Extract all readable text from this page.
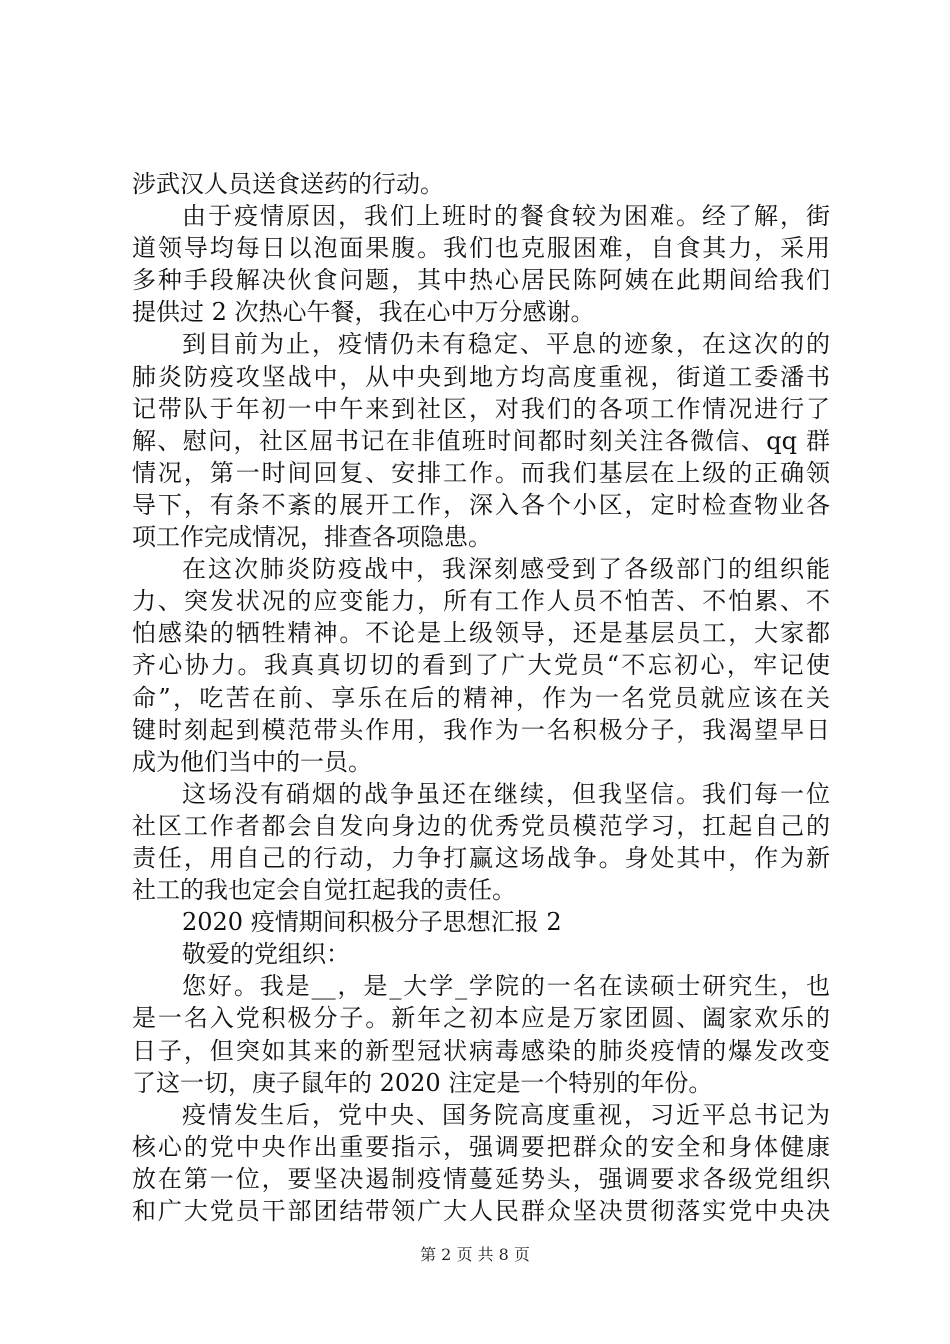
涉武汉人员送食送药的行动。
由于疫情原因，我们上班时的餐食较为困难。经了解，街
道领导均每日以泡面果腹。我们也克服困难，自食其力，采用
多种手段解决伙食问题，其中热心居民陈阿姨在此期间给我们
提供过 2 次热心午餐，我在心中万分感谢。
到目前为止，疫情仍未有稳定、平息的迹象，在这次的的
肺炎防疫攻坚战中，从中央到地方均高度重视，街道工委潘书
记带队于年初一中午来到社区，对我们的各项工作情况进行了
解、慰问，社区屈书记在非值班时间都时刻关注各微信、qq 群
情况，第一时间回复、安排工作。而我们基层在上级的正确领
导下，有条不紊的展开工作，深入各个小区，定时检查物业各
项工作完成情况，排查各项隐患。
在这次肺炎防疫战中，我深刻感受到了各级部门的组织能
力、突发状况的应变能力，所有工作人员不怕苦、不怕累、不
怕感染的牺牲精神。不论是上级领导，还是基层员工，大家都
齐心协力。我真真切切的看到了广大党员“不忘初心，牢记使
命”，吃苦在前、享乐在后的精神，作为一名党员就应该在关
键时刻起到模范带头作用，我作为一名积极分子，我渴望早日
成为他们当中的一员。
这场没有硝烟的战争虽还在继续，但我坚信。我们每一位
社区工作者都会自发向身边的优秀党员模范学习，扛起自己的
责任，用自己的行动，力争打赢这场战争。身处其中，作为新
社工的我也定会自觉扛起我的责任。
2020 疫情期间积极分子思想汇报 2
敬爱的党组织：
您好。我是__，是_大学_学院的一名在读硕士研究生，也
是一名入党积极分子。新年之初本应是万家团圆、阖家欢乐的
日子，但突如其来的新型冠状病毒感染的肺炎疫情的爆发改变
了这一切，庚子鼠年的 2020 注定是一个特别的年份。
疫情发生后，党中央、国务院高度重视，习近平总书记为
核心的党中央作出重要指示，强调要把群众的安全和身体健康
放在第一位，要坚决遏制疫情蔓延势头，强调要求各级党组织
和广大党员干部团结带领广大人民群众坚决贯彻落实党中央决
第 2 页 共 8 页
